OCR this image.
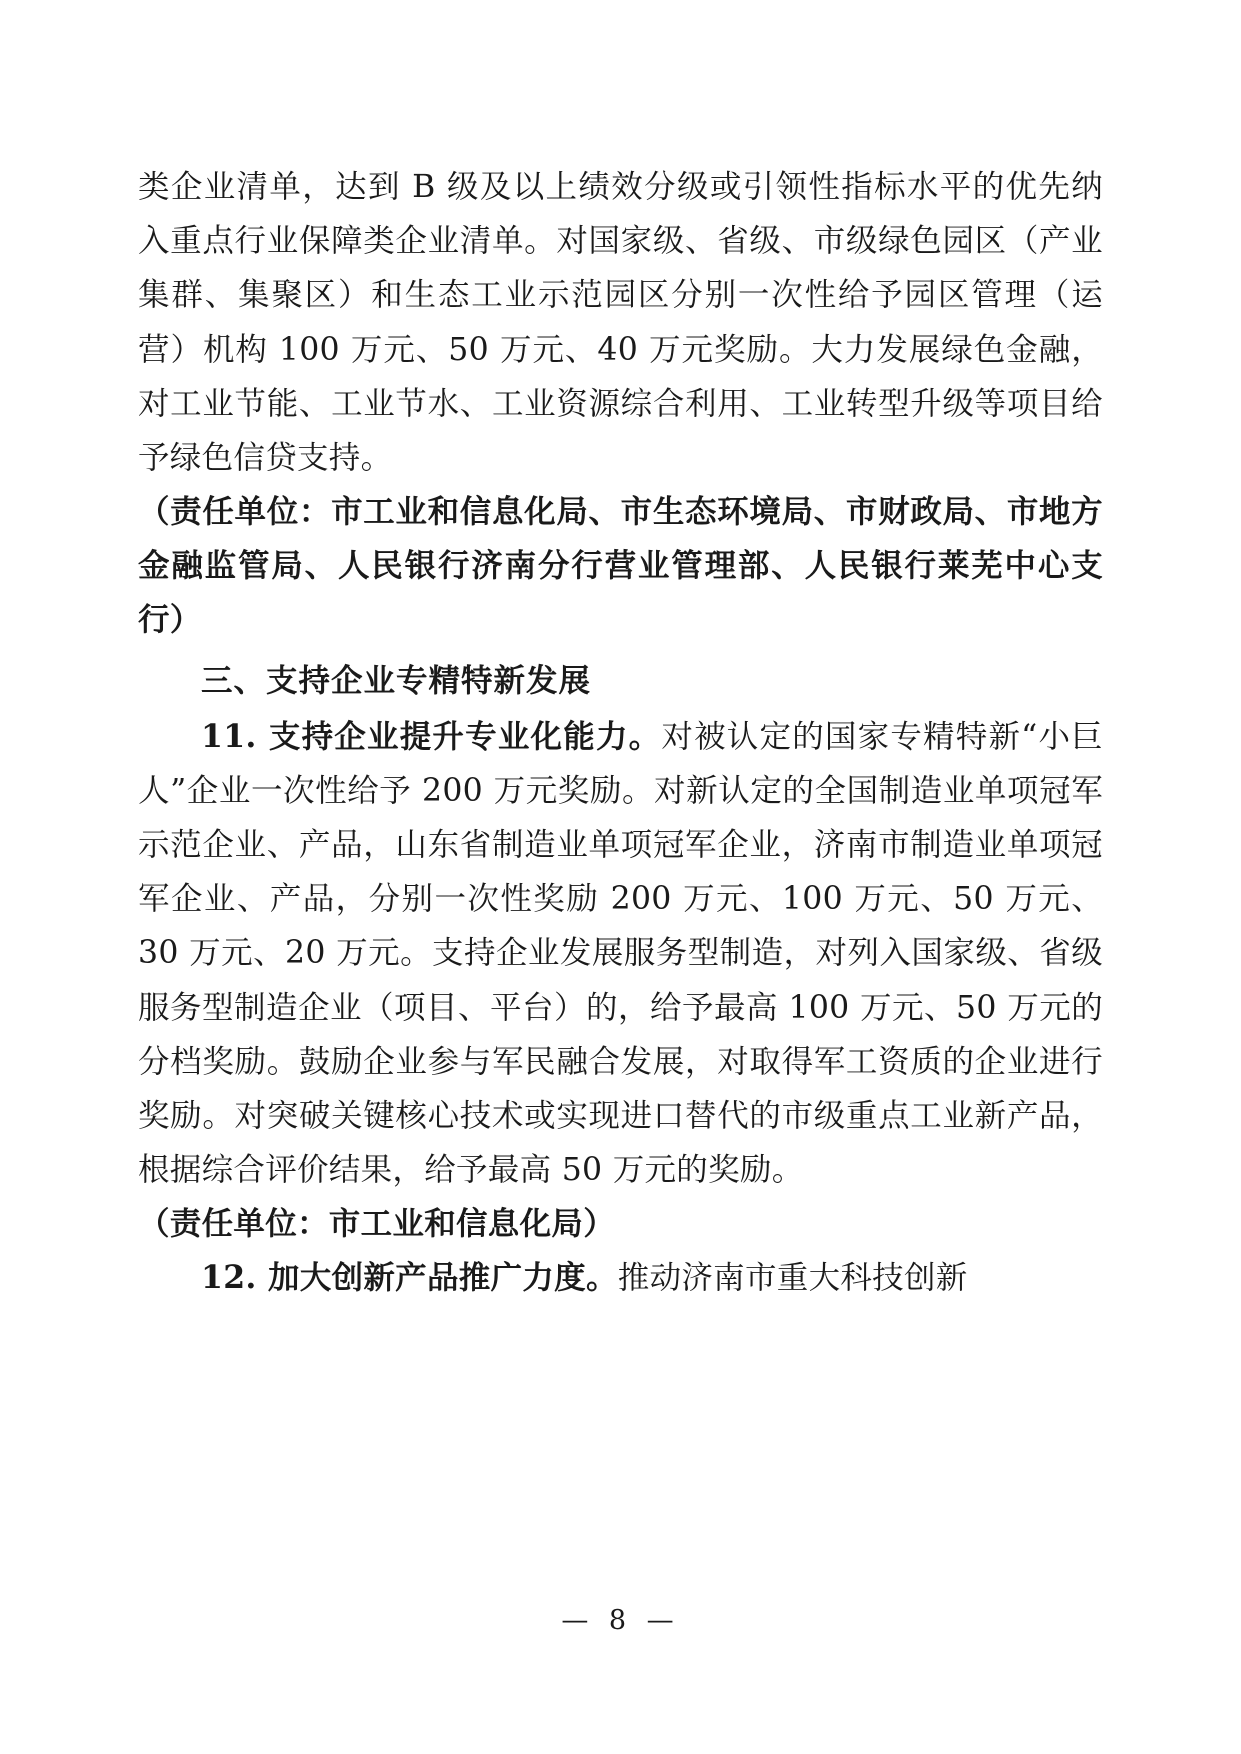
类企业清单，达到 B 级及以上绩效分级或引领性指标水平的优先纳入重点行业保障类企业清单。对国家级、省级、市级绿色园区（产业集群、集聚区）和生态工业示范园区分别一次性给予园区管理（运营）机构 100 万元、50 万元、40 万元奖励。大力发展绿色金融，对工业节能、工业节水、工业资源综合利用、工业转型升级等项目给予绿色信贷支持。

（责任单位：市工业和信息化局、市生态环境局、市财政局、市地方金融监管局、人民银行济南分行营业管理部、人民银行莱芜中心支行）

三、支持企业专精特新发展

11. 支持企业提升专业化能力。对被认定的国家专精特新“小巨人”企业一次性给予 200 万元奖励。对新认定的全国制造业单项冠军示范企业、产品，山东省制造业单项冠军企业，济南市制造业单项冠军企业、产品，分别一次性奖励 200 万元、100 万元、50 万元、30 万元、20 万元。支持企业发展服务型制造，对列入国家级、省级服务型制造企业（项目、平台）的，给予最高 100 万元、50 万元的分档奖励。鼓励企业参与军民融合发展，对取得军工资质的企业进行奖励。对突破关键核心技术或实现进口替代的市级重点工业新产品，根据综合评价结果，给予最高 50 万元的奖励。

（责任单位：市工业和信息化局）

12. 加大创新产品推广力度。推动济南市重大科技创新

— 8 —
